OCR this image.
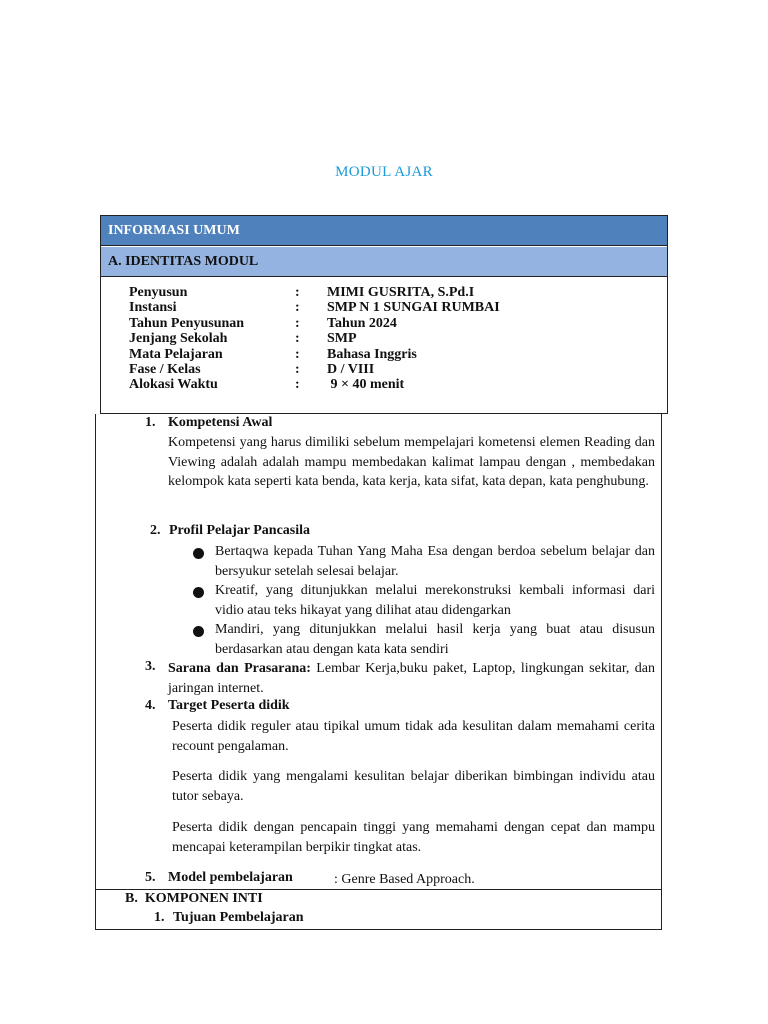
MODUL AJAR
INFORMASI UMUM
A. IDENTITAS MODUL
Penyusun	: MIMI GUSRITA, S.Pd.I
Instansi	: SMP N 1 SUNGAI RUMBAI
Tahun Penyusunan	: Tahun 2024
Jenjang Sekolah	: SMP
Mata Pelajaran	: Bahasa Inggris
Fase / Kelas	: D / VIII
Alokasi Waktu	: 9 × 40 menit
1. Kompetensi Awal
Kompetensi yang harus dimiliki sebelum mempelajari kometensi elemen Reading dan Viewing adalah adalah mampu membedakan kalimat lampau dengan , membedakan kelompok kata seperti kata benda, kata kerja, kata sifat, kata depan, kata penghubung.
2. Profil Pelajar Pancasila
Bertaqwa kepada Tuhan Yang Maha Esa dengan berdoa sebelum belajar dan bersyukur setelah selesai belajar.
Kreatif, yang ditunjukkan melalui merekonstruksi kembali informasi dari vidio atau teks hikayat yang dilihat atau didengarkan
Mandiri, yang ditunjukkan melalui hasil kerja yang buat atau disusun berdasarkan atau dengan kata kata sendiri
3. Sarana dan Prasarana: Lembar Kerja,buku paket, Laptop, lingkungan sekitar, dan jaringan internet.
4. Target Peserta didik
Peserta didik reguler atau tipikal umum tidak ada kesulitan dalam memahami cerita recount pengalaman.
Peserta didik yang mengalami kesulitan belajar diberikan bimbingan individu atau tutor sebaya.
Peserta didik dengan pencapain tinggi yang memahami dengan cepat dan mampu mencapai keterampilan berpikir tingkat atas.
5. Model pembelajaran	: Genre Based Approach.
B.  KOMPONEN INTI
1. Tujuan Pembelajaran
